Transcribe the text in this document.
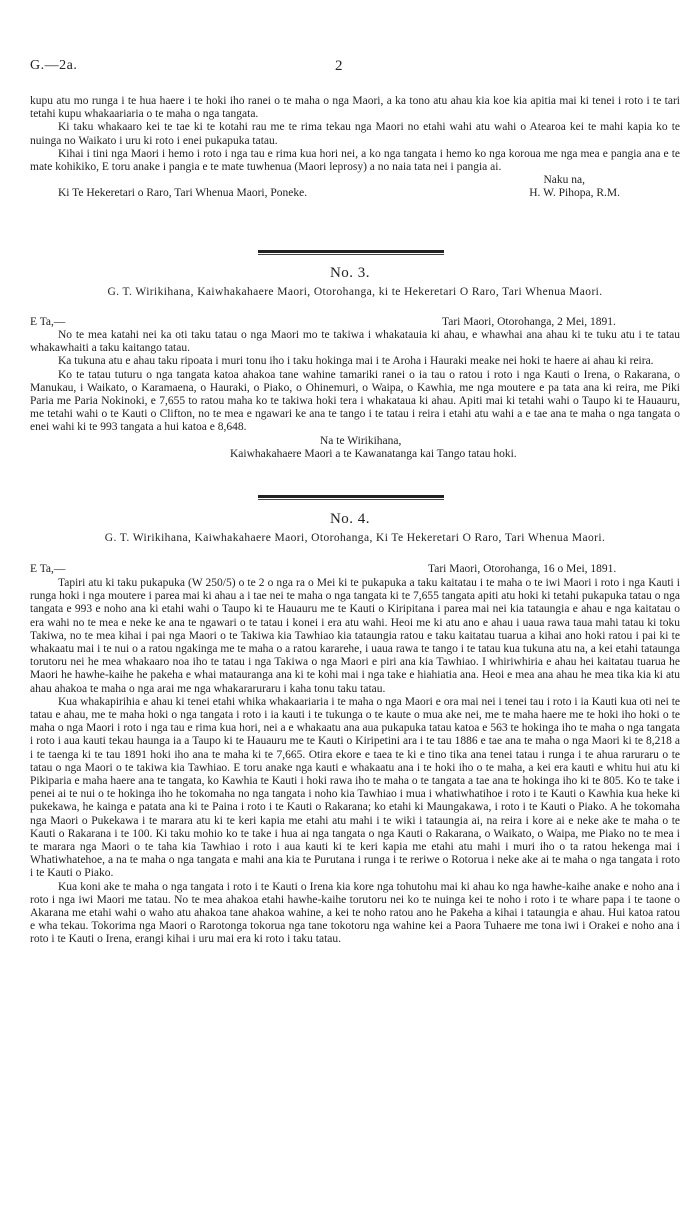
G.—2a.	2

kupu atu mo runga i te hua haere i te hoki iho ranei o te maha o nga Maori, a ka tono atu ahau kia koe kia apitia mai ki tenei i roto i te tari tetahi kupu whakaariaria o te maha o nga tangata.

Ki taku whakaaro kei te tae ki te kotahi rau me te rima tekau nga Maori no etahi wahi atu wahi o Atearoa kei te mahi kapia ko te nuinga no Waikato i uru ki roto i enei pukapuka tatau.

Kihai i tini nga Maori i hemo i roto i nga tau e rima kua hori nei, a ko nga tangata i hemo ko nga koroua me nga mea e pangia ana e te mate kohikiko, E toru anake i pangia e te mate tuwhenua (Maori leprosy) a no naia tata nei i pangia ai.

Naku na,
Ki Te Hekeretari o Raro, Tari Whenua Maori, Poneke.	H. W. Pihopa, R.M.
No. 3.
G. T. Wirikihana, Kaiwhakahaere Maori, Otorohanga, ki te Hekeretari O Raro, Tari Whenua Maori.
E Ta,—	Tari Maori, Otorohanga, 2 Mei, 1891.

No te mea katahi nei ka oti taku tatau o nga Maori mo te takiwa i whakatauia ki ahau, e whawhai ana ahau ki te tuku atu i te tatau whakawhaiti a taku kaitango tatau.

Ka tukuna atu e ahau taku ripoata i muri tonu iho i taku hokinga mai i te Aroha i Hauraki meake nei hoki te haere ai ahau ki reira.

Ko te tatau tuturu o nga tangata katoa ahakoa tane wahine tamariki ranei o ia tau o ratou i roto i nga Kauti o Irena, o Rakarana, o Manukau, i Waikato, o Karamaena, o Hauraki, o Piako, o Ohinemuri, o Waipa, o Kawhia, me nga moutere e pa tata ana ki reira, me Piki Paria me Paria Nokinoki, e 7,655 to ratou maha ko te takiwa hoki tera i whakataua ki ahau. Apiti mai ki tetahi wahi o Taupo ki te Hauauru, me tetahi wahi o te Kauti o Clifton, no te mea e ngawari ke ana te tango i te tatau i reira i etahi atu wahi a e tae ana te maha o nga tangata o enei wahi ki te 993 tangata a hui katoa e 8,648.

Na te Wirikihana,
Kaiwhakahaere Maori a te Kawanatanga kai Tango tatau hoki.
No. 4.
G. T. Wirikihana, Kaiwhakahaere Maori, Otorohanga, Ki Te Hekeretari O Raro, Tari Whenua Maori.
E Ta,—	Tari Maori, Otorohanga, 16 o Mei, 1891.

Tapiri atu ki taku pukapuka (W 250/5) o te 2 o nga ra o Mei ki te pukapuka a taku kaitatau i te maha o te iwi Maori i roto i nga Kauti i runga hoki i nga moutere i parea mai ki ahau a i tae nei te maha o nga tangata ki te 7,655 tangata apiti atu hoki ki tetahi pukapuka tatau o nga tangata e 993 e noho ana ki etahi wahi o Taupo ki te Hauauru me te Kauti o Kiripitana i parea mai nei kia tataungia e ahau e nga kaitatau o era wahi no te mea e neke ke ana te ngawari o te tatau i konei i era atu wahi. Heoi me ki atu ano e ahau i uaua rawa taua mahi tatau ki toku Takiwa, no te mea kihai i pai nga Maori o te Takiwa kia Tawhiao kia tataungia ratou e taku kaitatau tuarua a kihai ano hoki ratou i pai ki te whakaatu mai i te nui o a ratou ngakinga me te maha o a ratou kararehe, i uaua rawa te tango i te tatau kua tukuna atu na, a kei etahi tataunga torutoru nei he mea whakaaro noa iho te tatau i nga Takiwa o nga Maori e piri ana kia Tawhiao. I whiriwhiria e ahau hei kaitatau tuarua he Maori he hawhe-kaihe he pakeha e whai matauranga ana ki te kohi mai i nga take e hiahiatia ana. Heoi e mea ana ahau he mea tika kia ki atu ahau ahakoa te maha o nga arai me nga whakararuraru i kaha tonu taku tatau.

Kua whakapirihia e ahau ki tenei etahi whika whakaariaria i te maha o nga Maori e ora mai nei i tenei tau i roto i ia Kauti kua oti nei te tatau e ahau, me te maha hoki o nga tangata i roto i ia kauti i te tukunga o te kaute o mua ake nei, me te maha haere me te hoki iho hoki o te maha o nga Maori i roto i nga tau e rima kua hori, nei a e whakaatu ana aua pukapuka tatau katoa e 563 te hokinga iho te maha o nga tangata i roto i aua kauti tekau haunga ia a Taupo ki te Hauauru me te Kauti o Kiripetini ara i te tau 1886 e tae ana te maha o nga Maori ki te 8,218 a i te taenga ki te tau 1891 hoki iho ana te maha ki te 7,665. Otira ekore e taea te ki e tino tika ana tenei tatau i runga i te ahua raruraru o te tatau o nga Maori o te takiwa kia Tawhiao. E toru anake nga kauti e whakaatu ana i te hoki iho o te maha, a kei era kauti e whitu hui atu ki Pikiparia e maha haere ana te tangata, ko Kawhia te Kauti i hoki rawa iho te maha o te tangata a tae ana te hokinga iho ki te 805. Ko te take i penei ai te nui o te hokinga iho he tokomaha no nga tangata i noho kia Tawhiao i mua i whatiwhatihoe i roto i te Kauti o Kawhia kua heke ki pukekawa, he kainga e patata ana ki te Paina i roto i te Kauti o Rakarana; ko etahi ki Maungakawa, i roto i te Kauti o Piako. A he tokomaha nga Maori o Pukekawa i te marara atu ki te keri kapia me etahi atu mahi i te wiki i tataungia ai, na reira i kore ai e neke ake te maha o te Kauti o Rakarana i te 100. Ki taku mohio ko te take i hua ai nga tangata o nga Kauti o Rakarana, o Waikato, o Waipa, me Piako no te mea i te marara nga Maori o te taha kia Tawhiao i roto i aua kauti ki te keri kapia me etahi atu mahi i muri iho o ta ratou hekenga mai i Whatiwhatehoe, a na te maha o nga tangata e mahi ana kia te Purutana i runga i te reriwe o Rotorua i neke ake ai te maha o nga tangata i roto i te Kauti o Piako.

Kua koni ake te maha o nga tangata i roto i te Kauti o Irena kia kore nga tohutohu mai ki ahau ko nga hawhe-kaihe anake e noho ana i roto i nga iwi Maori me tatau. No te mea ahakoa etahi hawhe-kaihe torutoru nei ko te nuinga kei te noho i roto i te whare papa i te taone o Akarana me etahi wahi o waho atu ahakoa tane ahakoa wahine, a kei te noho ratou ano he Pakeha a kihai i tataungia e ahau. Hui katoa ratou e wha tekau. Tokorima nga Maori o Rarotonga tokorua nga tane tokotoru nga wahine kei a Paora Tuhaere me tona iwi i Orakei e noho ana i roto i te Kauti o Irena, erangi kihai i uru mai era ki roto i taku tatau.
